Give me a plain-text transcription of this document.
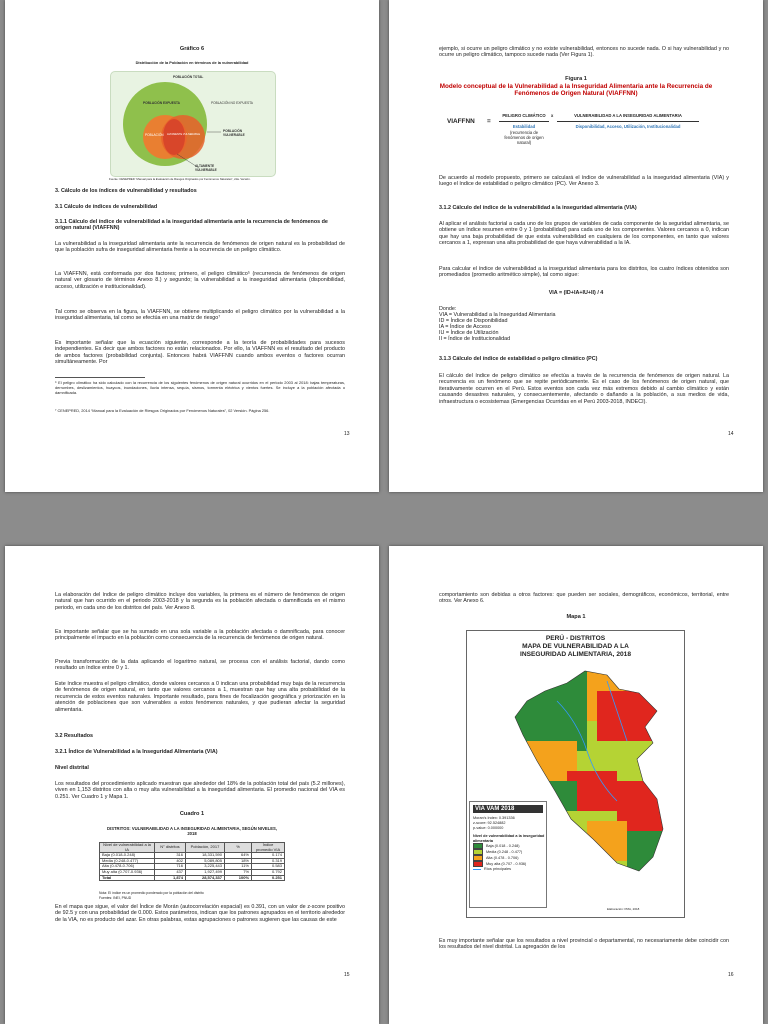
Gráfico 6
Distribución de la Población en términos de la vulnerabilidad
POBLACIÓN TOTAL
POBLACIÓN EXPUESTA	POBLACIÓN NO EXPUESTA
POBLACIÓN ALTAMENTE VULNERABLE
POBLACIÓN VULNERABLE
ALTAMENTE VULNERABLE
Fuente: CENEPRED “Manual para la Evaluación de Riesgos Originados por Fenómenos Naturales”, 2da. Versión.
3. Cálculo de los índices de vulnerabilidad y resultados
3.1 Cálculo de índices de vulnerabilidad
3.1.1 Cálculo del índice de vulnerabilidad a la inseguridad alimentaria ante la recurrencia de fenómenos de origen natural (VIAFFNN)
La vulnerabilidad a la inseguridad alimentaria ante la recurrencia de fenómenos de origen natural es la probabilidad de que la población sufra de inseguridad alimentaria frente a la ocurrencia de un peligro climático.
La VIAFFNN, está conformada por dos factores; primero, el peligro climático⁵ (recurrencia de fenómenos de origen natural ver glosario de términos Anexo 8.) y segundo; la vulnerabilidad a la inseguridad alimentaria (disponibilidad, acceso, utilización e institucionalidad).
Tal como se observa en la figura, la VIAFFNN, se obtiene multiplicando el peligro climático por la vulnerabilidad a la inseguridad alimentaria, tal como se efectúa en una matriz de riesgo⁷
Es importante señalar que la ecuación siguiente, corresponde a la teoría de probabilidades para sucesos independientes. Es decir que ambos factores no están relacionados. Por ello, la VIAFFNN es el resultado del producto de ambos factores (probabilidad conjunta). Entonces habrá VIAFFNN cuando ambos eventos o factores ocurran simultáneamente. Por
⁶ El peligro climático ha sido calculado con la recurrencia de los siguientes fenómenos de origen natural ocurridos en el periodo 2003 al 2018: bajas temperaturas, derrumbes, deslizamientos, huaycos, inundaciones, lluvia intensa, sequía, sismos, tormenta eléctrica y vientos fuertes. Se incluye a la población afectada o damnificada.
⁷ CENEPRED, 2014 “Manual para la Evaluación de Riesgos Originados por Fenómenos Naturales”, 02 Versión. Página 256.
13
ejemplo, si ocurre un peligro climático y no existe vulnerabilidad, entonces no sucede nada. O si hay vulnerabilidad y no ocurre un peligro climático, tampoco sucede nada (Ver Figura 1).
Figura 1
Modelo conceptual de la Vulnerabilidad a la Inseguridad Alimentaria ante la Recurrencia de Fenómenos de Origen Natural (VIAFFNN)
VIAFFNN =
PELIGRO CLIMÁTICO	x	VULNERABILIDAD A LA INSEGURIDAD ALIMENTARIA
Estabilidad
(recurrencia de fenómenos de origen natural)
Disponibilidad, Acceso, Utilización, Institucionalidad
De acuerdo al modelo propuesto, primero se calculará el índice de vulnerabilidad a la inseguridad alimentaria (VIA) y luego el índice de estabilidad o peligro climático (PC). Ver Anexo 3.
3.1.2 Cálculo del índice de la vulnerabilidad a la inseguridad alimentaria (VIA)
Al aplicar el análisis factorial a cada uno de los grupos de variables de cada componente de la seguridad alimentaria, se obtiene un índice resumen entre 0 y 1 (probabilidad) para cada uno de los componentes. Valores cercanos a 0, indican que hay una baja probabilidad de que exista vulnerabilidad en cualquiera de los componentes, en tanto que valores cercanos a 1, expresan una alta probabilidad de que haya vulnerabilidad a la IA.
Para calcular el índice de vulnerabilidad a la inseguridad alimentaria para los distritos, los cuatro índices obtenidos son promediados (promedio aritmético simple), tal como sigue:
VIA = (ID+IA+IU+II) / 4
Donde:
VIA = Vulnerabilidad a la Inseguridad Alimentaria
ID = Índice de Disponibilidad
IA = Índice de Acceso
IU = Índice de Utilización
II = Índice de Institucionalidad
3.1.3 Cálculo del índice de estabilidad o peligro climático (PC)
El cálculo del índice de peligro climático se efectúa a través de la recurrencia de fenómenos de origen natural. La recurrencia es un fenómeno que se repite periódicamente. Es el caso de los fenómenos de origen natural, que iterativamente ocurren en el Perú. Estos eventos son cada vez más extremos debido al cambio climático y están causando desastres naturales, y consecuentemente, afectando o dañando a la población, a sus medios de vida, infraestructura o ecosistemas (Emergencias Ocurridas en el Perú 2003-2018, INDECI).
14
La elaboración del índice de peligro climático incluye dos variables, la primera es el número de fenómenos de origen natural que han ocurrido en el periodo 2003-2018 y la segunda es la población afectada o damnificada en el mismo periodo, en cada uno de los distritos del país. Ver Anexo 8.
Es importante señalar que se ha sumado en una sola variable a la población afectada o damnificada, para conocer principalmente el impacto en la población como consecuencia de la recurrencia de fenómenos de origen natural.
Previa transformación de la data aplicando el logaritmo natural, se procesa con el análisis factorial, dando como resultado un índice entre 0 y 1.
Este índice muestra el peligro climático, donde valores cercanos a 0 indican una probabilidad muy baja de la recurrencia de fenómenos de origen natural, en tanto que valores cercanos a 1, muestran que hay una alta probabilidad de la recurrencia de estos eventos naturales. Importante resultado, para fines de focalización geográfica y priorización en la atención de poblaciones que son vulnerables a estos fenómenos naturales, y que pudieran afectar la seguridad alimentaria.
3.2 Resultados
3.2.1 Índice de Vulnerabilidad a la Inseguridad Alimentaria (VIA)
Nivel distrital
Los resultados del procedimiento aplicado muestran que alrededor del 18% de la población total del país (5.2 millones), viven en 1,153 distritos con alta o muy alta vulnerabilidad a la inseguridad alimentaria. El promedio nacional del VIA es 0.251. Ver Cuadro 1 y Mapa 1.
Cuadro 1
DISTRITOS: VULNERABILIDAD A LA INSEGURIDAD ALIMENTARIA, SEGÚN NIVELES, 2018
Nivel de vulnerabilidad a la IA	N° distritos	Población, 2017	%	Índice promedio VIA
Baja (0.018-0.248)	316	18,331,590	64%	0.174
Media (0.248-0.477)	402	5,089,805	18%	0.319
Alta (0.478-0.706)	716	3,225,443	11%	0.583
Muy alta (0.707-0.936)	437	1,927,499	7%	0.792
Total	1,874	28,574,337	100%	0.251
Nota: El índice es un promedio ponderado por la población del distrito
Fuentes: INEI, PNUD
En el mapa que sigue, el valor del Índice de Morán (autocorrelación espacial) es 0.391, con un valor de z-score positivo de 92.5 y con una probabilidad de 0.000. Estos parámetros, indican que los patrones agrupados en el territorio alrededor de la VIA, no es producto del azar. En otras palabras, estas agrupaciones o patrones sugieren que las causas de este
15
comportamiento son debidas a otros factores: que pueden ser sociales, demográficos, económicos, territorial, entre otros. Ver Anexo 6.
Mapa 1
PERÚ - DISTRITOS
MAPA DE VULNERABILIDAD A LA
INSEGURIDAD ALIMENTARIA, 2018
Elaboración: PMA, 2018
VIA VAM 2018
Moran's Index: 0.391336
z-score: 92.524882
p-value: 0.000000
Nivel de vulnerabilidad a la inseguridad alimentaria
Baja (0.018 - 0.248)
Media (0.248 - 0.477)
Alta (0.478 - 0.706)
Muy alta (0.707 - 0.936)
Ríos principales
Es muy importante señalar que los resultados a nivel provincial o departamental, no necesariamente debe coincidir con los resultados del nivel distrital. La agregación de los
16
